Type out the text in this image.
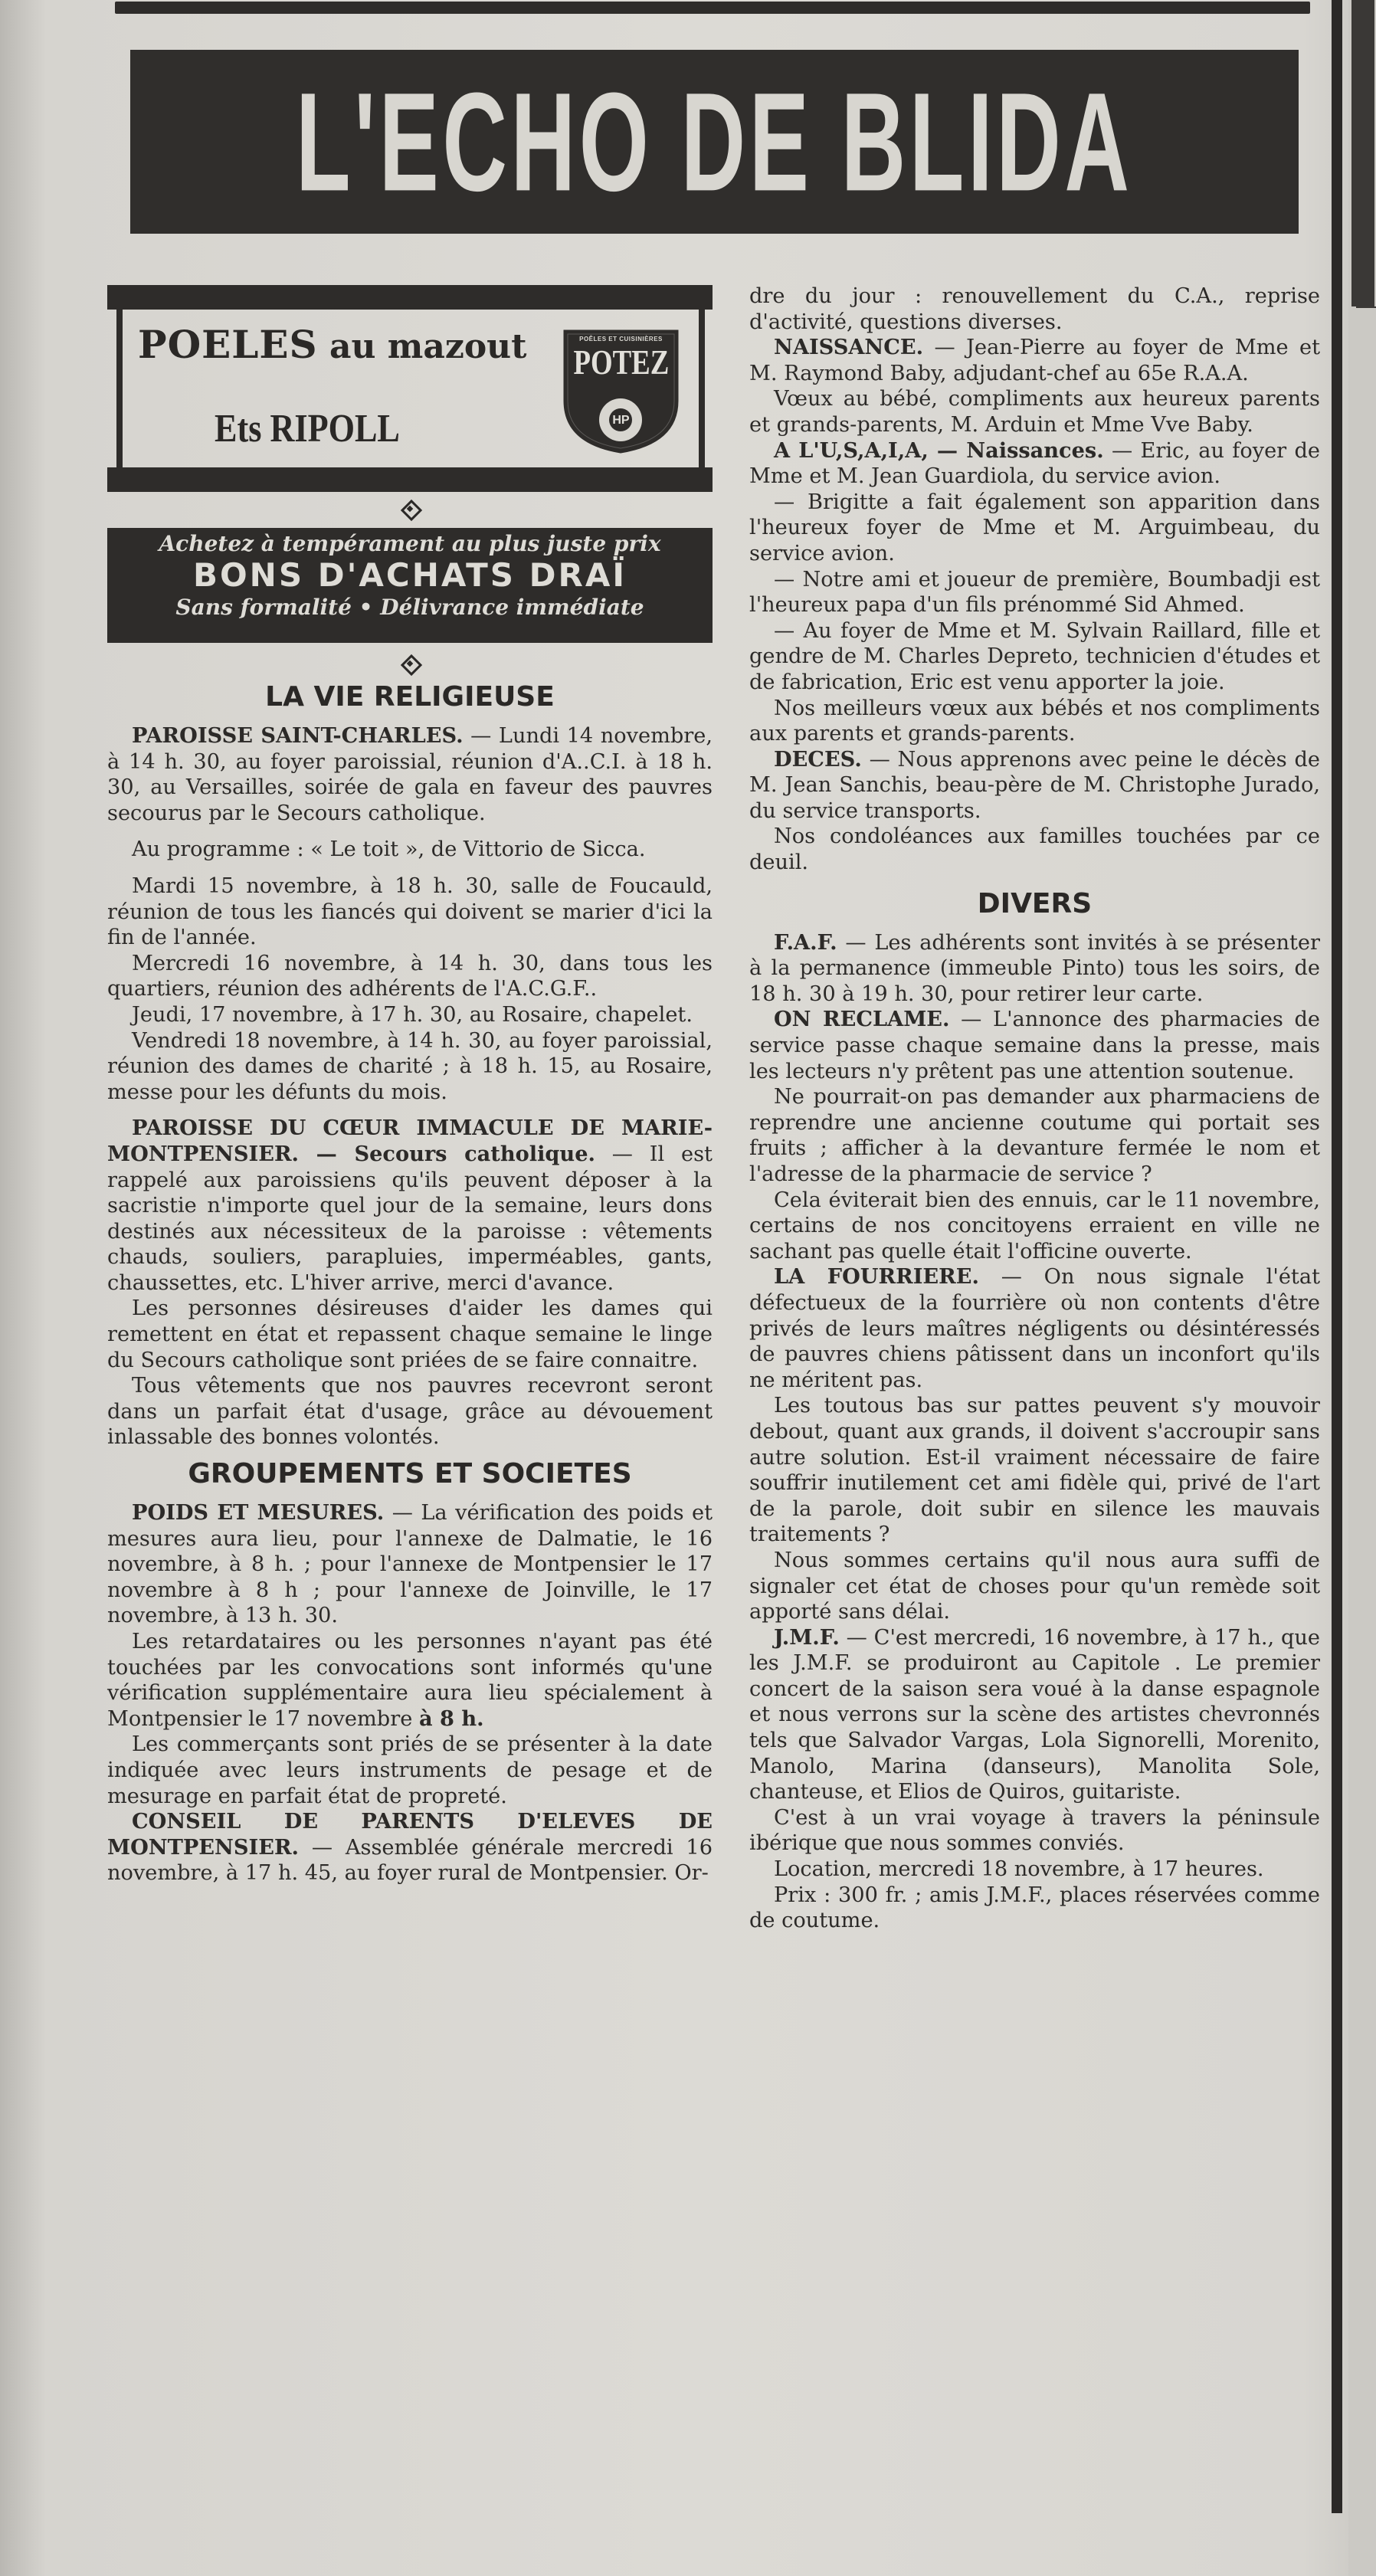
L'ECHO DE BLIDA
POELES au mazout
Ets RIPOLL
POÊLES ET CUISINIÈRES
POTEZ
HP
Achetez à tempérament au plus juste prix
BONS D'ACHATS DRAÏ
Sans formalité • Délivrance immédiate
LA VIE RELIGIEUSE

PAROISSE SAINT-CHARLES. — Lundi 14 novembre, à 14 h. 30, au foyer paroissial, réunion d'A..C.I. à 18 h. 30, au Versailles, soirée de gala en faveur des pauvres secourus par le Secours catholique.

Au programme : « Le toit », de Vittorio de Sicca.

Mardi 15 novembre, à 18 h. 30, salle de Foucauld, réunion de tous les fiancés qui doivent se marier d'ici la fin de l'année.

Mercredi 16 novembre, à 14 h. 30, dans tous les quartiers, réunion des adhérents de l'A.C.G.F..

Jeudi, 17 novembre, à 17 h. 30, au Rosaire, chapelet.

Vendredi 18 novembre, à 14 h. 30, au foyer paroissial, réunion des dames de charité ; à 18 h. 15, au Rosaire, messe pour les défunts du mois.

PAROISSE DU CŒUR IMMACULE DE MARIE-MONTPENSIER. — Secours catholique. — Il est rappelé aux paroissiens qu'ils peuvent déposer à la sacristie n'importe quel jour de la semaine, leurs dons destinés aux nécessiteux de la paroisse : vêtements chauds, souliers, parapluies, imperméables, gants, chaussettes, etc. L'hiver arrive, merci d'avance.

Les personnes désireuses d'aider les dames qui remettent en état et repassent chaque semaine le linge du Secours catholique sont priées de se faire connaitre.

Tous vêtements que nos pauvres recevront seront dans un parfait état d'usage, grâce au dévouement inlassable des bonnes volontés.

GROUPEMENTS ET SOCIETES

POIDS ET MESURES. — La vérification des poids et mesures aura lieu, pour l'annexe de Dalmatie, le 16 novembre, à 8 h. ; pour l'annexe de Montpensier le 17 novembre à 8 h ; pour l'annexe de Joinville, le 17 novembre, à 13 h. 30.

Les retardataires ou les personnes n'ayant pas été touchées par les convocations sont informés qu'une vérification supplémentaire aura lieu spécialement à Montpensier le 17 novembre à 8 h.

Les commerçants sont priés de se présenter à la date indiquée avec leurs instruments de pesage et de mesurage en parfait état de propreté.

CONSEIL DE PARENTS D'ELEVES DE MONTPENSIER. — Assemblée générale mercredi 16 novembre, à 17 h. 45, au foyer rural de Montpensier. Or-

dre du jour : renouvellement du C.A., reprise d'activité, questions diverses.

NAISSANCE. — Jean-Pierre au foyer de Mme et M. Raymond Baby, adjudant-chef au 65e R.A.A.

Vœux au bébé, compliments aux heureux parents et grands-parents, M. Arduin et Mme Vve Baby.

A L'U,S,A,I,A, — Naissances. — Eric, au foyer de Mme et M. Jean Guardiola, du service avion.

— Brigitte a fait également son apparition dans l'heureux foyer de Mme et M. Arguimbeau, du service avion.

— Notre ami et joueur de première, Boumbadji est l'heureux papa d'un fils prénommé Sid Ahmed.

— Au foyer de Mme et M. Sylvain Raillard, fille et gendre de M. Charles Depreto, technicien d'études et de fabrication, Eric est venu apporter la joie.

Nos meilleurs vœux aux bébés et nos compliments aux parents et grands-parents.

DECES. — Nous apprenons avec peine le décès de M. Jean Sanchis, beau-père de M. Christophe Jurado, du service transports.

Nos condoléances aux familles touchées par ce deuil.

DIVERS

F.A.F. — Les adhérents sont invités à se présenter à la permanence (immeuble Pinto) tous les soirs, de 18 h. 30 à 19 h. 30, pour retirer leur carte.

ON RECLAME. — L'annonce des pharmacies de service passe chaque semaine dans la presse, mais les lecteurs n'y prêtent pas une attention soutenue.

Ne pourrait-on pas demander aux pharmaciens de reprendre une ancienne coutume qui portait ses fruits ; afficher à la devanture fermée le nom et l'adresse de la pharmacie de service ?

Cela éviterait bien des ennuis, car le 11 novembre, certains de nos concitoyens erraient en ville ne sachant pas quelle était l'officine ouverte.

LA FOURRIERE. — On nous signale l'état défectueux de la fourrière où non contents d'être privés de leurs maîtres négligents ou désintéressés de pauvres chiens pâtissent dans un inconfort qu'ils ne méritent pas.

Les toutous bas sur pattes peuvent s'y mouvoir debout, quant aux grands, il doivent s'accroupir sans autre solution. Est-il vraiment nécessaire de faire souffrir inutilement cet ami fidèle qui, privé de l'art de la parole, doit subir en silence les mauvais traitements ?

Nous sommes certains qu'il nous aura suffi de signaler cet état de choses pour qu'un remède soit apporté sans délai.

J.M.F. — C'est mercredi, 16 novembre, à 17 h., que les J.M.F. se produiront au Capitole . Le premier concert de la saison sera voué à la danse espagnole et nous verrons sur la scène des artistes chevronnés tels que Salvador Vargas, Lola Signorelli, Morenito, Manolo, Marina (danseurs), Manolita Sole, chanteuse, et Elios de Quiros, guitariste.

C'est à un vrai voyage à travers la péninsule ibérique que nous sommes conviés.

Location, mercredi 18 novembre, à 17 heures.

Prix : 300 fr. ; amis J.M.F., places réservées comme de coutume.
